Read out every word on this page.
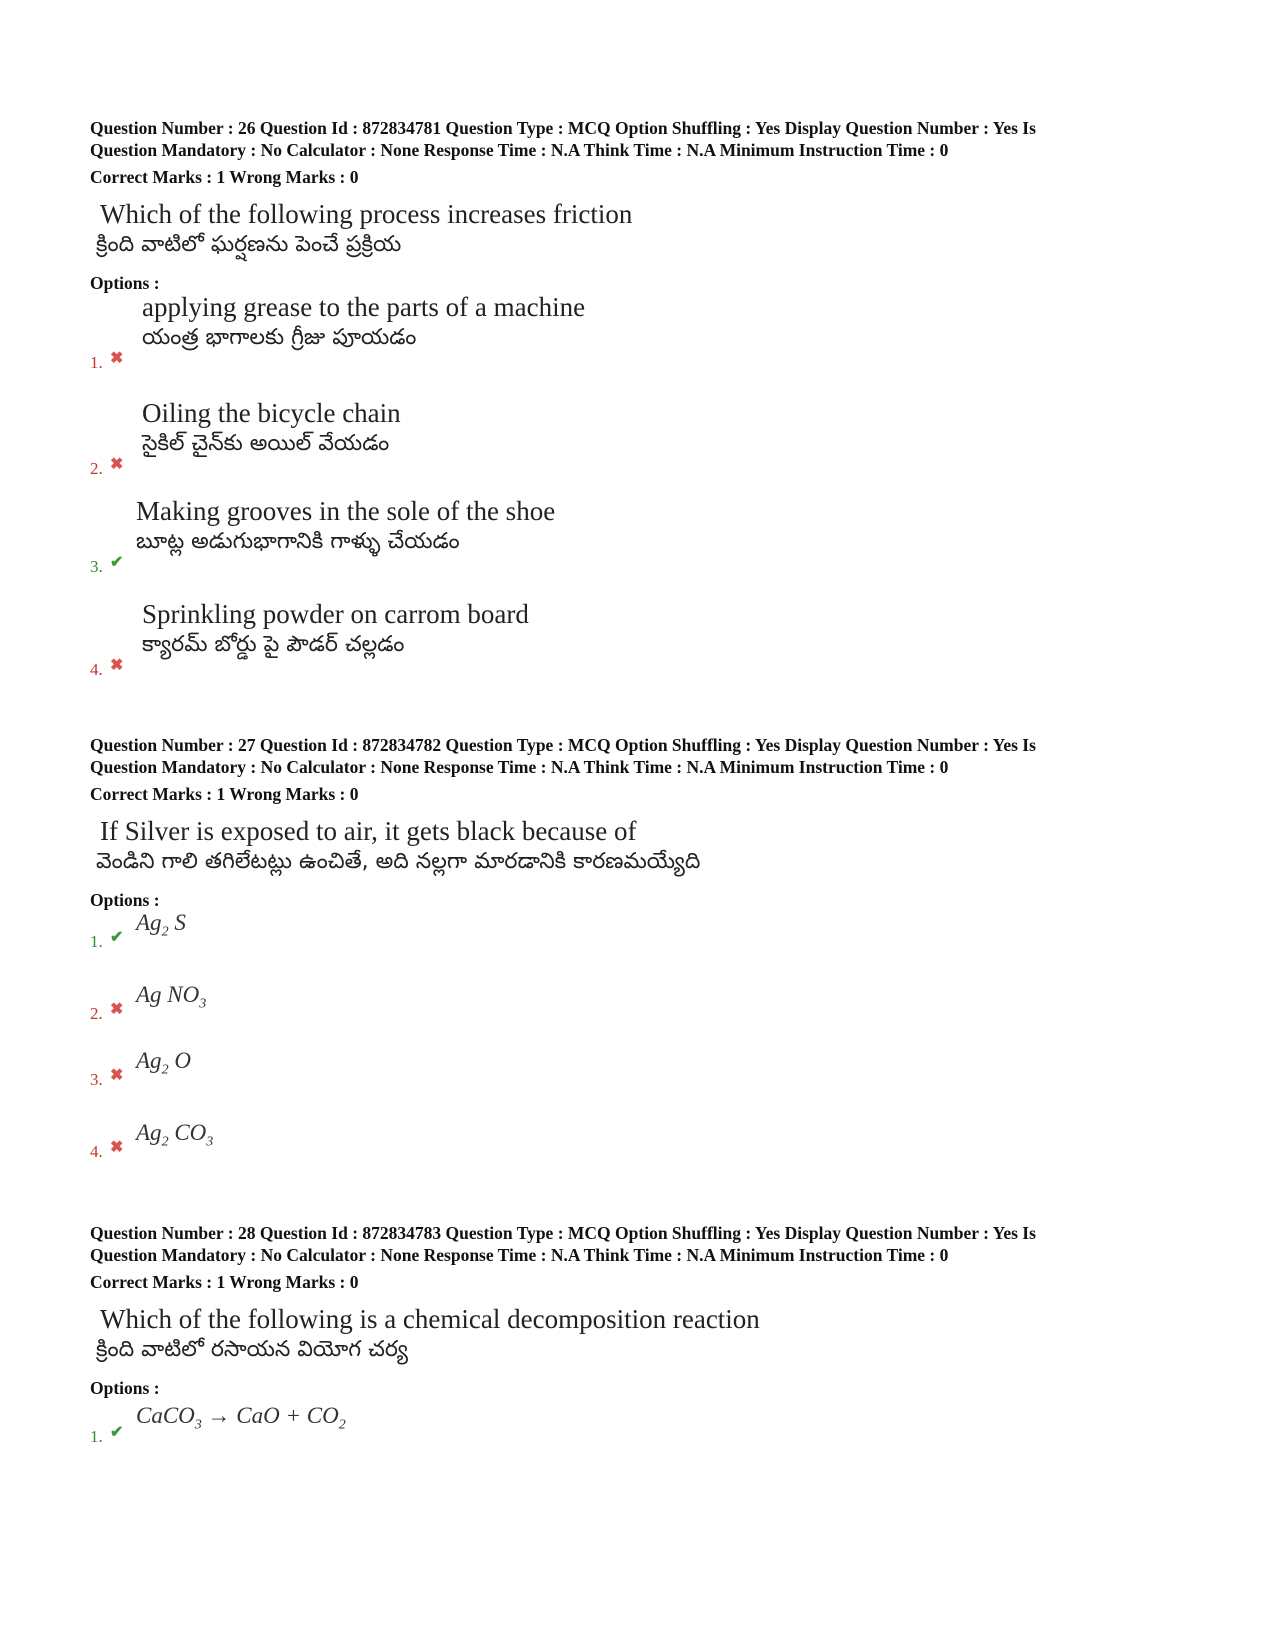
Question Number : 26 Question Id : 872834781 Question Type : MCQ Option Shuffling : Yes Display Question Number : Yes Is
Question Mandatory : No Calculator : None Response Time : N.A Think Time : N.A Minimum Instruction Time : 0
Correct Marks : 1 Wrong Marks : 0
Which of the following process increases friction
క్రింది వాటిలో ఘర్షణను పెంచే ప్రక్రియ
Options :
1. ✖
applying grease to the parts of a machine
యంత్ర భాగాలకు గ్రీజు పూయడం
2. ✖
Oiling the bicycle chain
సైకిల్ చైన్‌కు అయిల్ వేయడం
3. ✔
Making grooves in the sole of the shoe
బూట్ల అడుగుభాగానికి గాళ్ళు చేయడం
4. ✖
Sprinkling powder on carrom board
క్యారమ్ బోర్డు పై పౌడర్ చల్లడం
Question Number : 27 Question Id : 872834782 Question Type : MCQ Option Shuffling : Yes Display Question Number : Yes Is
Question Mandatory : No Calculator : None Response Time : N.A Think Time : N.A Minimum Instruction Time : 0
Correct Marks : 1 Wrong Marks : 0
If Silver is exposed to air, it gets black because of
వెండిని గాలి తగిలేటట్లు ఉంచితే, అది నల్లగా మారడానికి కారణమయ్యేది
Options :
1. ✔
$Ag_2$ S
2. ✖
Ag $NO_3$
3. ✖
$Ag_2$ O
4. ✖
$Ag_2$ $CO_3$
Question Number : 28 Question Id : 872834783 Question Type : MCQ Option Shuffling : Yes Display Question Number : Yes Is
Question Mandatory : No Calculator : None Response Time : N.A Think Time : N.A Minimum Instruction Time : 0
Correct Marks : 1 Wrong Marks : 0
Which of the following is a chemical decomposition reaction
క్రింది వాటిలో రసాయన వియోగ చర్య
Options :
1. ✔
CaCO$_3$ → CaO + $CO_2$
